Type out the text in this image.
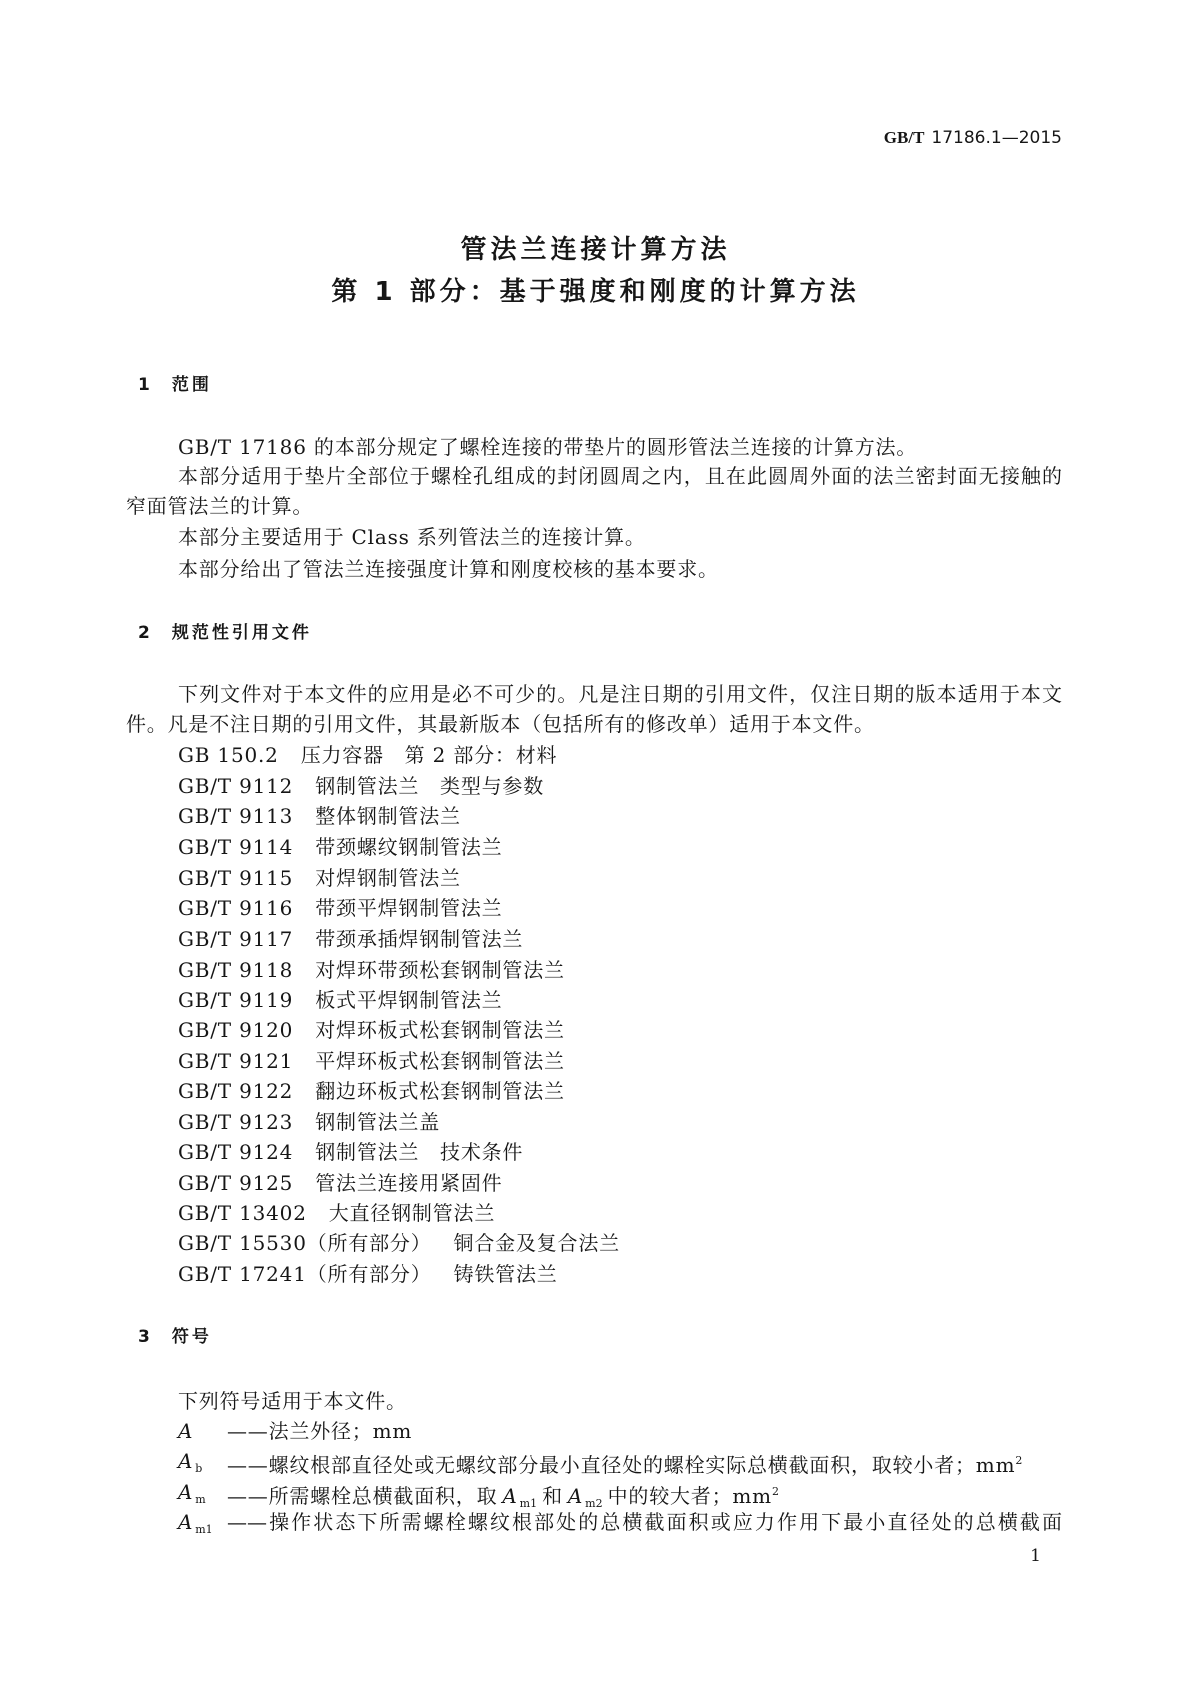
GB/T 17186.1—2015
管法兰连接计算方法
第 1 部分：基于强度和刚度的计算方法
1 范围
GB/T 17186 的本部分规定了螺栓连接的带垫片的圆形管法兰连接的计算方法。
本部分适用于垫片全部位于螺栓孔组成的封闭圆周之内，且在此圆周外面的法兰密封面无接触的
窄面管法兰的计算。
本部分主要适用于 Class 系列管法兰的连接计算。
本部分给出了管法兰连接强度计算和刚度校核的基本要求。
2 规范性引用文件
下列文件对于本文件的应用是必不可少的。凡是注日期的引用文件，仅注日期的版本适用于本文
件。凡是不注日期的引用文件，其最新版本（包括所有的修改单）适用于本文件。
GB 150.2 压力容器　第 2 部分：材料
GB/T 9112 钢制管法兰　类型与参数
GB/T 9113 整体钢制管法兰
GB/T 9114 带颈螺纹钢制管法兰
GB/T 9115 对焊钢制管法兰
GB/T 9116 带颈平焊钢制管法兰
GB/T 9117 带颈承插焊钢制管法兰
GB/T 9118 对焊环带颈松套钢制管法兰
GB/T 9119 板式平焊钢制管法兰
GB/T 9120 对焊环板式松套钢制管法兰
GB/T 9121 平焊环板式松套钢制管法兰
GB/T 9122 翻边环板式松套钢制管法兰
GB/T 9123 钢制管法兰盖
GB/T 9124 钢制管法兰　技术条件
GB/T 9125 管法兰连接用紧固件
GB/T 13402 大直径钢制管法兰
GB/T 15530（所有部分） 铜合金及复合法兰
GB/T 17241（所有部分） 铸铁管法兰
3 符号
下列符号适用于本文件。
A	——法兰外径；mm
A $_b$	——螺纹根部直径处或无螺纹部分最小直径处的螺栓实际总横截面积，取较小者；$mm^2$
A $_m$	——所需螺栓总横截面积，取 A $_{m1}$ 和 A $_{m2}$ 中的较大者；$mm^2$
A $_{m1}$ ——操作状态下所需螺栓螺纹根部处的总横截面积或应力作用下最小直径处的总横截面
1
